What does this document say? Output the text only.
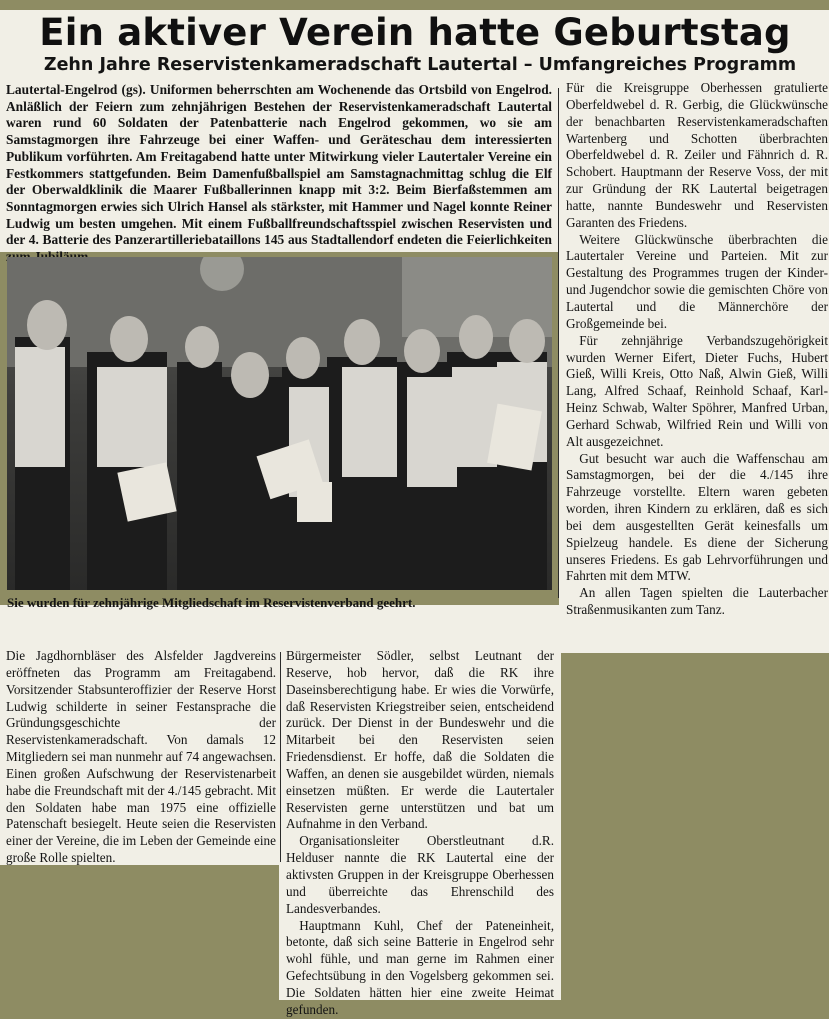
Ein aktiver Verein hatte Geburtstag
Zehn Jahre Reservistenkameradschaft Lautertal – Umfangreiches Programm

Lautertal-Engelrod (gs). Uniformen beherrschten am Wochenende das Ortsbild von Engelrod. Anläßlich der Feiern zum zehnjährigen Bestehen der Reservistenkameradschaft Lautertal waren rund 60 Soldaten der Patenbatterie nach Engelrod gekommen, wo sie am Samstagmorgen ihre Fahrzeuge bei einer Waffen- und Geräteschau dem interessierten Publikum vorführten. Am Freitagabend hatte unter Mitwirkung vieler Lautertaler Vereine ein Festkommers stattgefunden. Beim Damenfußballspiel am Samstagnachmittag schlug die Elf der Oberwaldklinik die Maarer Fußballerinnen knapp mit 3:2. Beim Bierfaßstemmen am Sonntagmorgen erwies sich Ulrich Hansel als stärkster, mit Hammer und Nagel konnte Reiner Ludwig um besten umgehen. Mit einem Fußballfreundschaftsspiel zwischen Reservisten und der 4. Batterie des Panzerartilleriebataillons 145 aus Stadtallendorf endeten die Feierlichkeiten

Sie wurden für zehnjährige Mitgliedschaft im Reservistenverband geehrt.

Für die Kreisgruppe Oberhessen gratulierte Oberfeldwebel d. R. Gerbig, die Glückwünsche der benachbarten Reservistenkameradschaften Wartenberg und Schotten überbrachten Oberfeldwebel d. R. Zeiler und Fähnrich d. R. Schobert. Hauptmann der Reserve Voss, der mit zur Gründung der RK Lautertal beigetragen hatte, nannte Bundeswehr und Reservisten Garanten des Friedens.

Weitere Glückwünsche überbrachten die Lautertaler Vereine und Parteien. Mit zur Gestaltung des Programmes trugen der Kinder- und Jugendchor sowie die gemischten Chöre von Lautertal und die Männerchöre der Großgemeinde bei.

Für zehnjährige Verbandszugehörigkeit wurden Werner Eifert, Dieter Fuchs, Hubert Gieß, Willi Kreis, Otto Naß, Alwin Gieß, Willi Lang, Alfred Schaaf, Reinhold Schaaf, Karl-Heinz Schwab, Walter Spöhrer, Manfred Urban, Gerhard Schwab, Wilfried Rein und Willi von Alt ausgezeichnet.

Gut besucht war auch die Waffenschau am Samstagmorgen, bei der die 4./145 ihre Fahrzeuge vorstellte. Eltern waren gebeten worden, ihren Kindern zu erklären, daß es sich bei dem ausgestellten Gerät keinesfalls um Spielzeug handele. Es diene der Sicherung unseres Friedens. Es gab Lehrvorführungen und Fahrten mit dem MTW.

An allen Tagen spielten die Lauterbacher Straßenmusikanten zum Tanz.

Die Jagdhornbläser des Alsfelder Jagdvereins eröffneten das Programm am Freitagabend. Vorsitzender Stabsunteroffizier der Reserve Horst Ludwig schilderte in seiner Festansprache die Gründungsgeschichte der Reservistenkameradschaft. Von damals 12 Mitgliedern sei man nunmehr auf 74 angewachsen. Einen großen Aufschwung der Reservistenarbeit habe die Freundschaft mit der 4./145 gebracht. Mit den Soldaten habe man 1975 eine offizielle Patenschaft besiegelt. Heute seien die Reservisten einer der Vereine, die im Leben der Gemeinde eine große Rolle spielten.

Bürgermeister Södler, selbst Leutnant der Reserve, hob hervor, daß die RK ihre Daseinsberechtigung habe. Er wies die Vorwürfe, daß Reservisten Kriegstreiber seien, entscheidend zurück. Der Dienst in der Bundeswehr und die Mitarbeit bei den Reservisten seien Friedensdienst. Er hoffe, daß die Soldaten die Waffen, an denen sie ausgebildet würden, niemals einsetzen müßten. Er werde die Lautertaler Reservisten gerne unterstützen und bat um Aufnahme in den Verband.

Organisationsleiter Oberstleutnant d.R. Helduser nannte die RK Lautertal eine der aktivsten Gruppen in der Kreisgruppe Oberhessen und überreichte das Ehrenschild des Landesverbandes.

Hauptmann Kuhl, Chef der Pateneinheit, betonte, daß sich seine Batterie in Engelrod sehr wohl fühle, und man gerne im Rahmen einer Gefechtsübung in den Vogelsberg gekommen sei. Die Soldaten hätten hier eine zweite Heimat gefunden.
